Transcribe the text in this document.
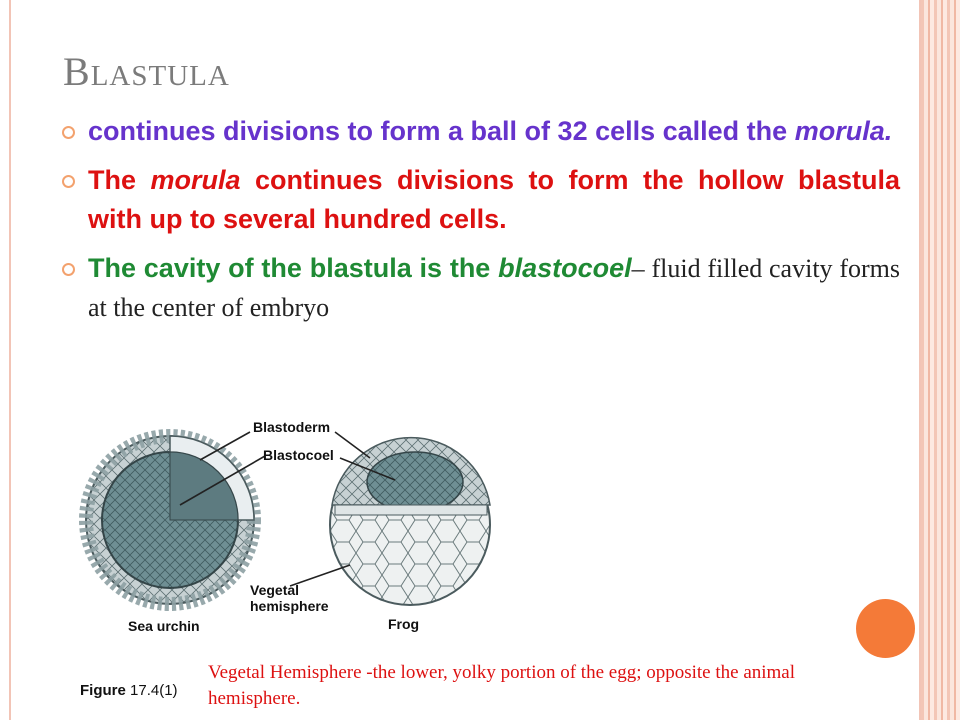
BLASTULA

continues divisions to form a ball of 32 cells called the morula.

The morula continues divisions to form the hollow blastula with up to several hundred cells.

The cavity of the blastula is the blastocoel– fluid filled cavity forms at the center of embryo

Blastoderm
Blastocoel
Vegetal
hemisphere
Sea urchin	Frog
Figure 17.4(1)
Vegetal Hemisphere -the lower, yolky portion of the egg; opposite the animal hemisphere.
